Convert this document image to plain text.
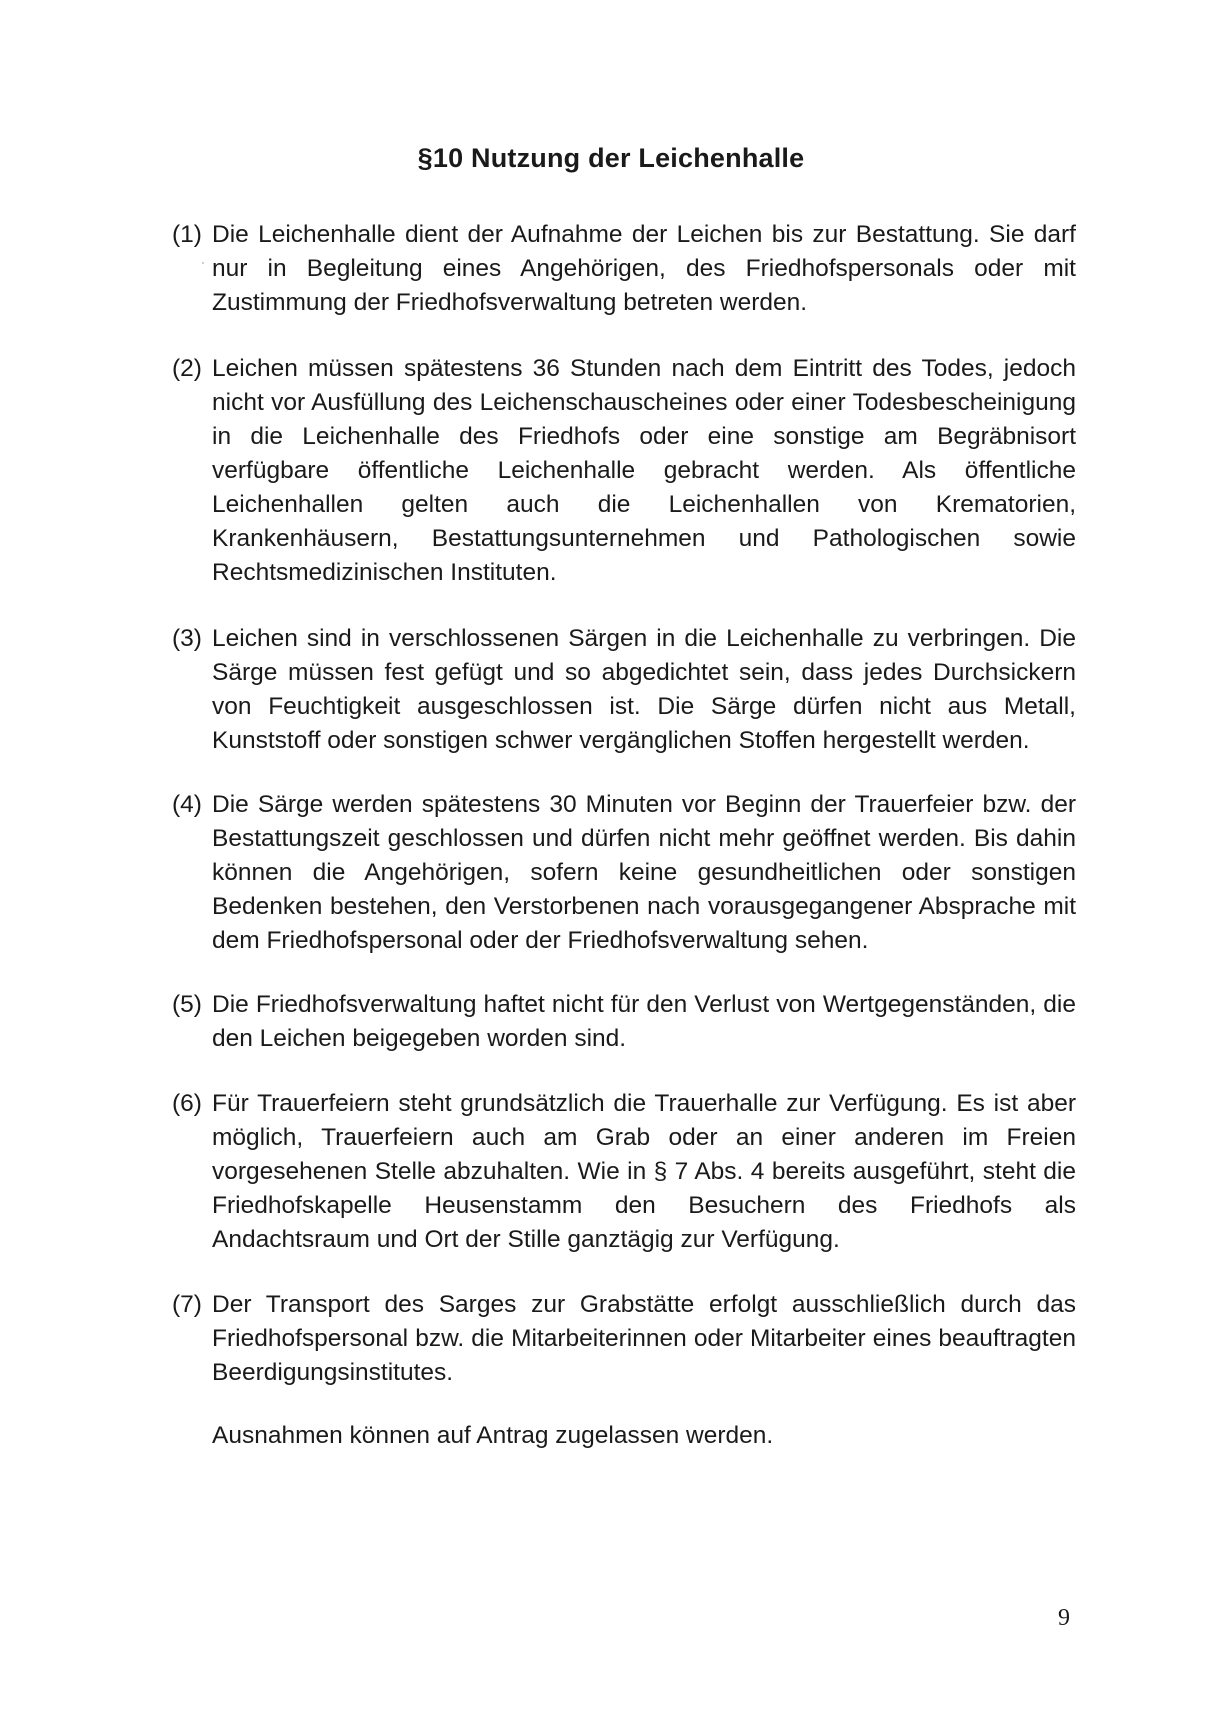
§10 Nutzung der Leichenhalle
(1) Die Leichenhalle dient der Aufnahme der Leichen bis zur Bestattung. Sie darf nur in Begleitung eines Angehörigen, des Friedhofspersonals oder mit Zustimmung der Friedhofsverwaltung betreten werden.
(2) Leichen müssen spätestens 36 Stunden nach dem Eintritt des Todes, jedoch nicht vor Ausfüllung des Leichenschauscheines oder einer Todesbescheinigung in die Leichenhalle des Friedhofs oder eine sonstige am Begräbnisort verfügbare öffentliche Leichenhalle gebracht werden. Als öffentliche Leichenhallen gelten auch die Leichenhallen von Krematorien, Krankenhäusern, Bestattungsunternehmen und Pathologischen sowie Rechtsmedizinischen Instituten.
(3) Leichen sind in verschlossenen Särgen in die Leichenhalle zu verbringen. Die Särge müssen fest gefügt und so abgedichtet sein, dass jedes Durchsickern von Feuchtigkeit ausgeschlossen ist. Die Särge dürfen nicht aus Metall, Kunststoff oder sonstigen schwer vergänglichen Stoffen hergestellt werden.
(4) Die Särge werden spätestens 30 Minuten vor Beginn der Trauerfeier bzw. der Bestattungszeit geschlossen und dürfen nicht mehr geöffnet werden. Bis dahin können die Angehörigen, sofern keine gesundheitlichen oder sonstigen Bedenken bestehen, den Verstorbenen nach vorausgegangener Absprache mit dem Friedhofspersonal oder der Friedhofsverwaltung sehen.
(5) Die Friedhofsverwaltung haftet nicht für den Verlust von Wertgegenständen, die den Leichen beigegeben worden sind.
(6) Für Trauerfeiern steht grundsätzlich die Trauerhalle zur Verfügung. Es ist aber möglich, Trauerfeiern auch am Grab oder an einer anderen im Freien vorgesehenen Stelle abzuhalten. Wie in § 7 Abs. 4 bereits ausgeführt, steht die Friedhofskapelle Heusenstamm den Besuchern des Friedhofs als Andachtsraum und Ort der Stille ganztägig zur Verfügung.
(7) Der Transport des Sarges zur Grabstätte erfolgt ausschließlich durch das Friedhofspersonal bzw. die Mitarbeiterinnen oder Mitarbeiter eines beauftragten Beerdigungsinstitutes.
Ausnahmen können auf Antrag zugelassen werden.
9
